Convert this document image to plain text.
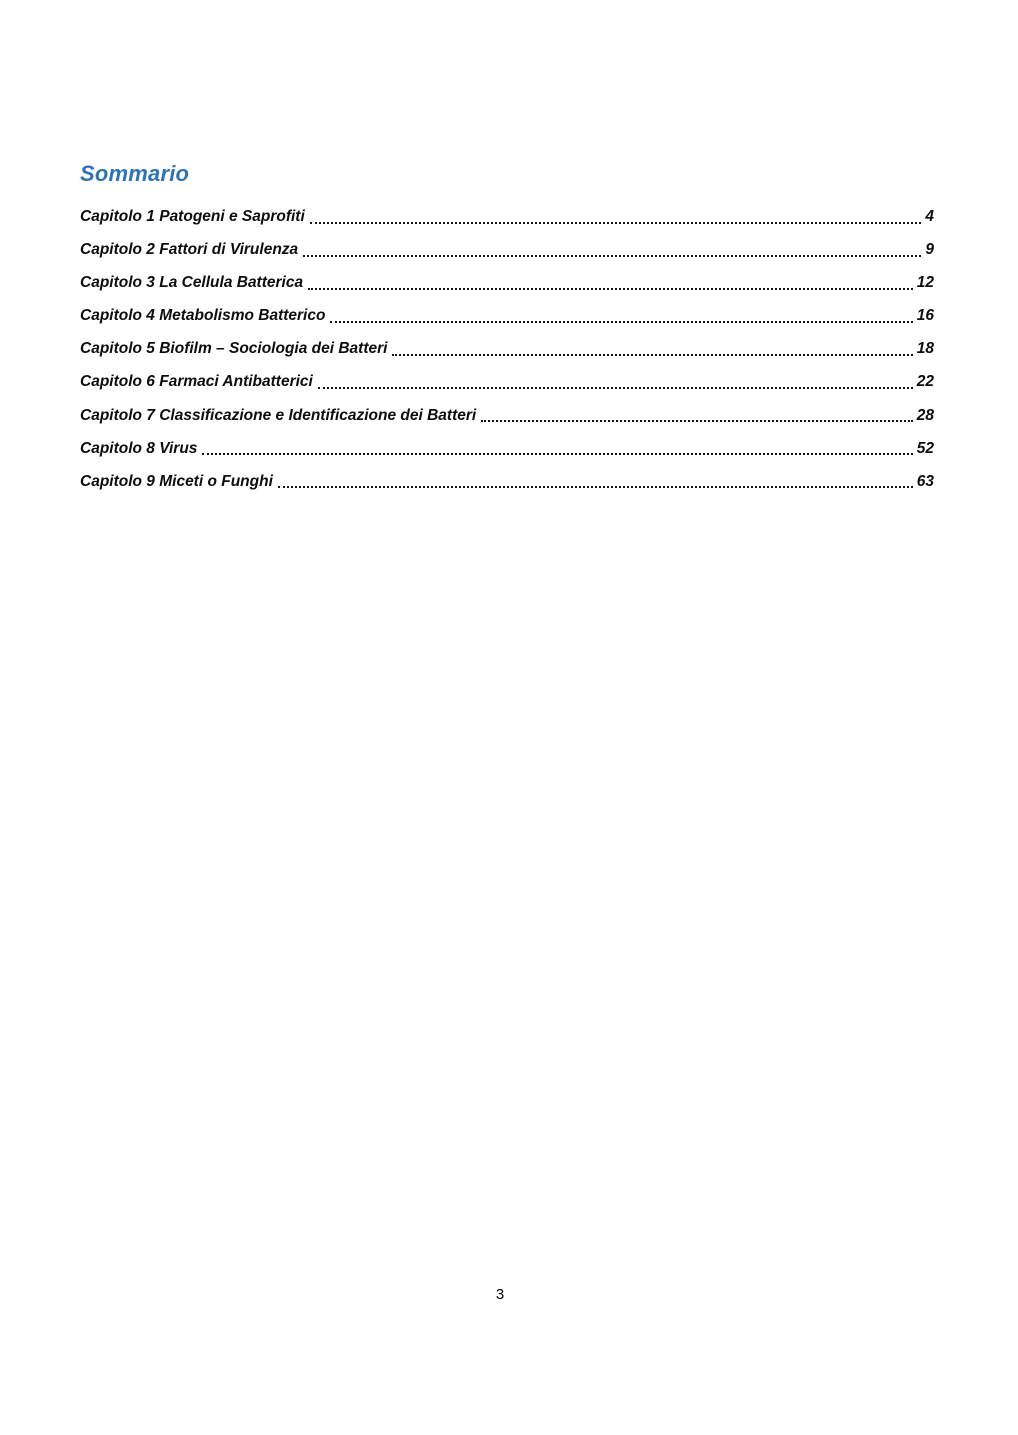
Sommario
Capitolo 1 Patogeni e Saprofiti	4
Capitolo 2 Fattori di Virulenza	9
Capitolo 3 La Cellula Batterica	12
Capitolo 4 Metabolismo Batterico	16
Capitolo 5 Biofilm – Sociologia dei Batteri	18
Capitolo 6 Farmaci Antibatterici	22
Capitolo 7 Classificazione e Identificazione dei Batteri	28
Capitolo 8 Virus	52
Capitolo 9 Miceti o Funghi	63
3
